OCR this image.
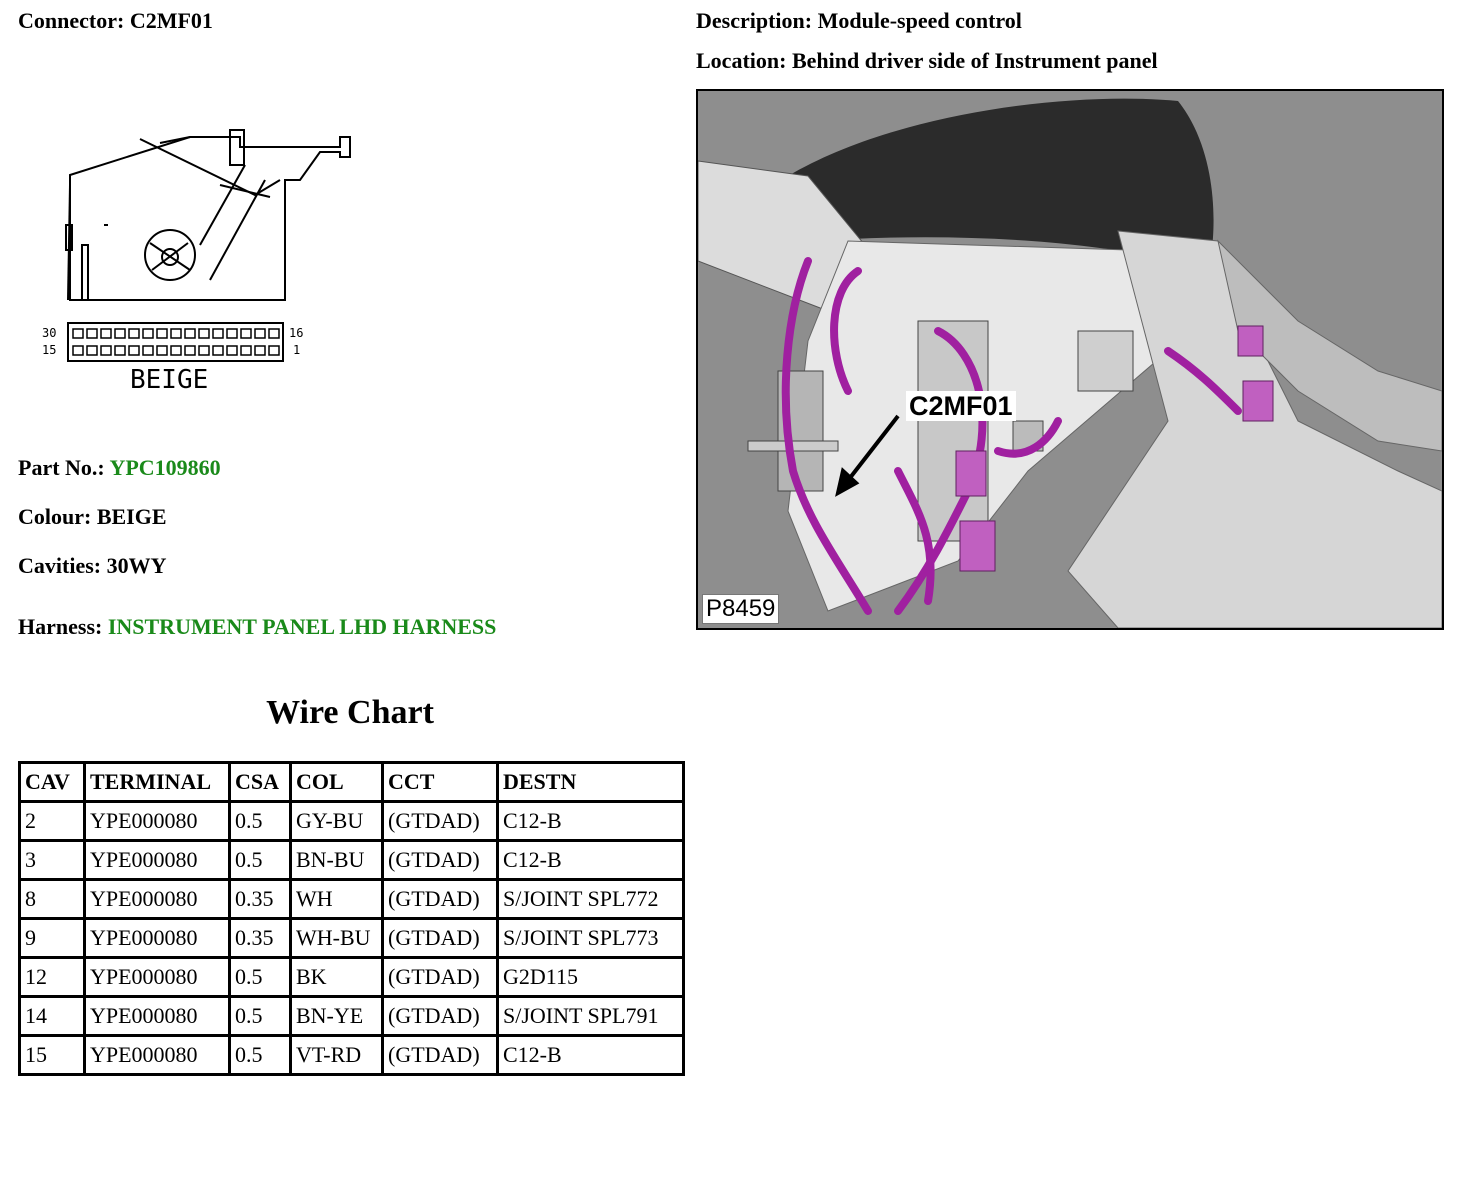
Connector: C2MF01	Description: Module-speed control
Location: Behind driver side of Instrument panel
30
15
16
1
BEIGE
C2MF01
P8459
Part No.: YPC109860
Colour: BEIGE
Cavities: 30WY
Harness: INSTRUMENT PANEL LHD HARNESS
Wire Chart
CAV	TERMINAL	CSA	COL	CCT	DESTN
2	YPE000080	0.5	GY-BU	(GTDAD)	C12-B
3	YPE000080	0.5	BN-BU	(GTDAD)	C12-B
8	YPE000080	0.35	WH	(GTDAD)	S/JOINT SPL772
9	YPE000080	0.35	WH-BU	(GTDAD)	S/JOINT SPL773
12	YPE000080	0.5	BK	(GTDAD)	G2D115
14	YPE000080	0.5	BN-YE	(GTDAD)	S/JOINT SPL791
15	YPE000080	0.5	VT-RD	(GTDAD)	C12-B
